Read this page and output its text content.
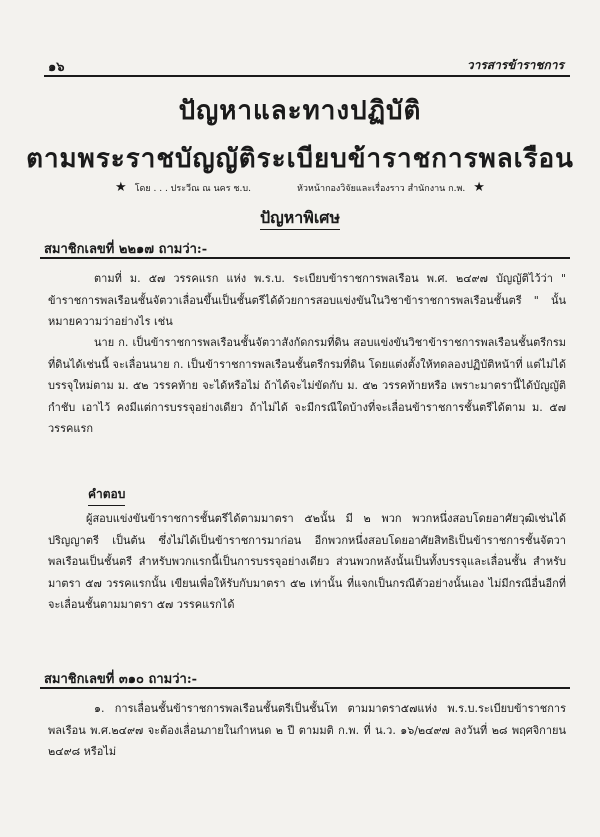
๑๖	วารสารข้าราชการ
ปัญหาและทางปฏิบัติ
ตามพระราชบัญญัติระเบียบข้าราชการพลเรือน
★ โดย . . . ประวีณ ณ นคร ช.บ.	หัวหน้ากองวิจัยและเรื่องราว สำนักงาน ก.พ. ★
ปัญหาพิเศษ
สมาชิกเลขที่ ๒๒๑๗ ถามว่า:-
ตามที่ ม. ๕๗ วรรคแรก แห่ง พ.ร.บ. ระเบียบข้าราชการพลเรือน พ.ศ. ๒๔๙๗ บัญญัติไว้ว่า " ข้าราชการพลเรือนชั้นจัตวาเลื่อนขึ้นเป็นชั้นตรีได้ด้วยการสอบแข่งขันในวิชาข้าราชการพลเรือนชั้นตรี " นั้น หมายความว่าอย่างไร เช่น
นาย ก. เป็นข้าราชการพลเรือนชั้นจัตวาสังกัดกรมที่ดิน สอบแข่งขันวิชาข้าราชการพลเรือนชั้นตรีกรมที่ดินได้เช่นนี้ จะเลื่อนนาย ก. เป็นข้าราชการพลเรือนชั้นตรีกรมที่ดิน โดยแต่งตั้งให้ทดลองปฏิบัติหน้าที่ แต่ไม่ได้บรรจุใหม่ตาม ม. ๕๒ วรรคท้าย จะได้หรือไม่ ถ้าได้จะไม่ขัดกับ ม. ๕๒ วรรคท้ายหรือ เพราะมาตรานี้ได้บัญญัติกำชับ เอาไว้ คงมีแต่การบรรจุอย่างเดียว ถ้าไม่ได้ จะมีกรณีใดบ้างที่จะเลื่อนข้าราชการชั้นตรีได้ตาม ม. ๕๗ วรรคแรก
คำตอบ
ผู้สอบแข่งขันข้าราชการชั้นตรีได้ตามมาตรา ๕๒นั้น มี ๒ พวก พวกหนึ่งสอบโดยอาศัยวุฒิเช่นได้ปริญญาตรี เป็นต้น ซึ่งไม่ได้เป็นข้าราชการมาก่อน อีกพวกหนึ่งสอบโดยอาศัยสิทธิเป็นข้าราชการชั้นจัตวาพลเรือนเป็นชั้นตรี สำหรับพวกแรกนี้เป็นการบรรจุอย่างเดียว ส่วนพวกหลังนั้นเป็นทั้งบรรจุและเลื่อนชั้น สำหรับมาตรา ๕๗ วรรคแรกนั้น เขียนเพื่อให้รับกับมาตรา ๕๒ เท่านั้น ที่แจกเป็นกรณีตัวอย่างนั้นเอง ไม่มีกรณีอื่นอีกที่จะเลื่อนชั้นตามมาตรา ๕๗ วรรคแรกได้
สมาชิกเลขที่ ๓๑๐ ถามว่า:-
๑. การเลื่อนชั้นข้าราชการพลเรือนชั้นตรีเป็นชั้นโท ตามมาตรา๕๗แห่ง พ.ร.บ.ระเบียบข้าราชการพลเรือน พ.ศ.๒๔๙๗ จะต้องเลื่อนภายในกำหนด ๒ ปี ตามมติ ก.พ. ที่ น.ว. ๑๖/๒๔๙๗ ลงวันที่ ๒๘ พฤศจิกายน ๒๔๙๘ หรือไม่
